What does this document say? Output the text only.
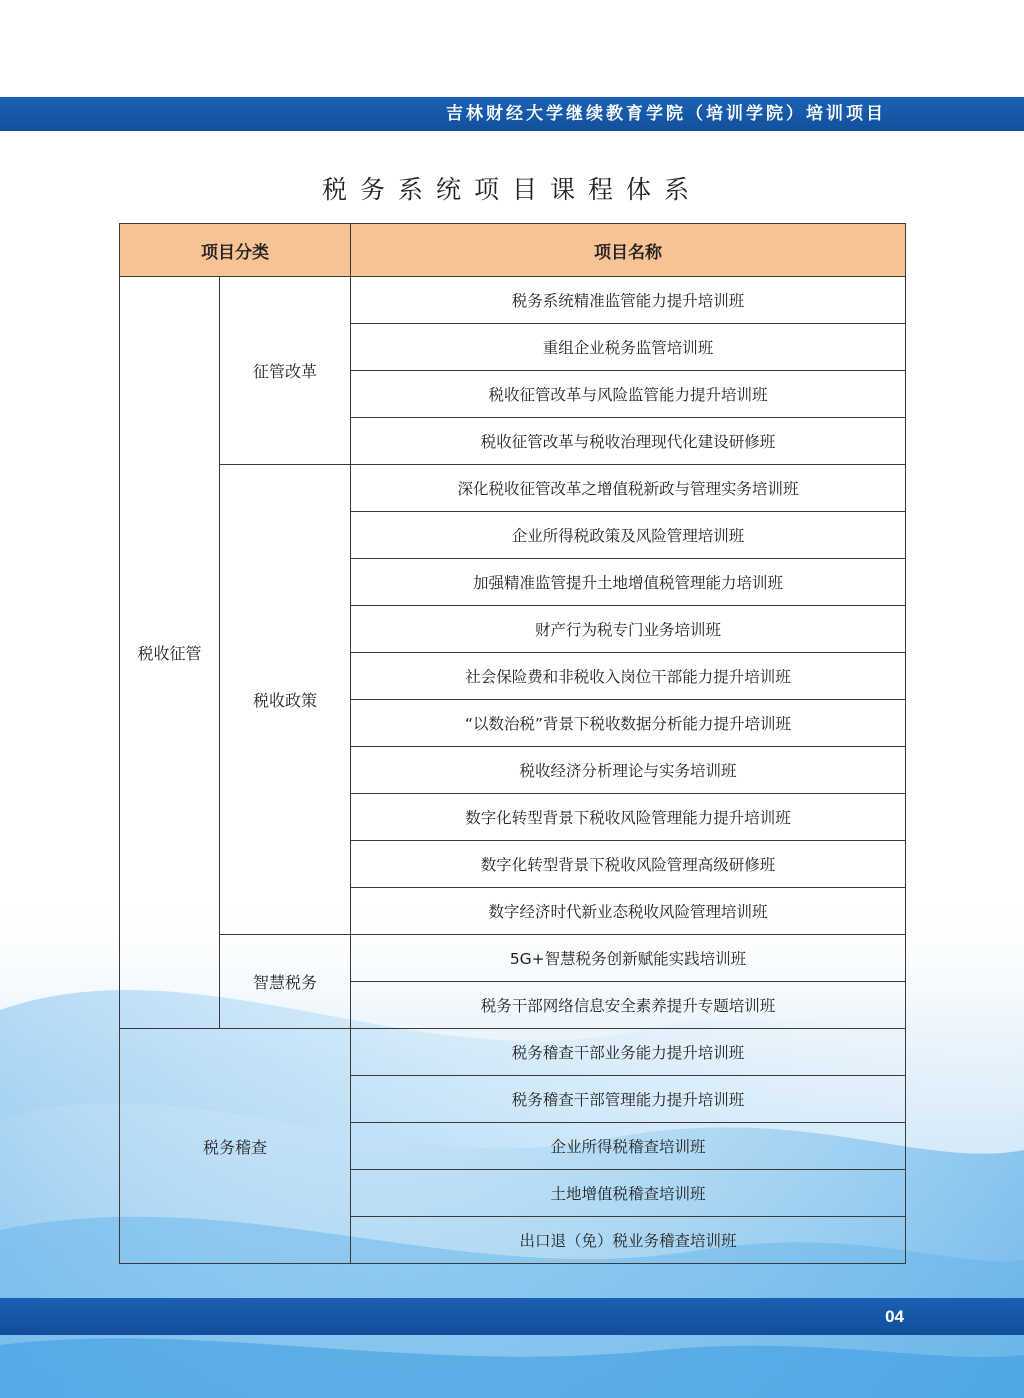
吉林财经大学继续教育学院（培训学院）培训项目
税务系统项目课程体系
项目分类		项目名称
税收征管	征管改革	税务系统精准监管能力提升培训班
		重组企业税务监管培训班
		税收征管改革与风险监管能力提升培训班
		税收征管改革与税收治理现代化建设研修班
	税收政策	深化税收征管改革之增值税新政与管理实务培训班
		企业所得税政策及风险管理培训班
		加强精准监管提升土地增值税管理能力培训班
		财产行为税专门业务培训班
		社会保险费和非税收入岗位干部能力提升培训班
		“以数治税”背景下税收数据分析能力提升培训班
		税收经济分析理论与实务培训班
		数字化转型背景下税收风险管理能力提升培训班
		数字化转型背景下税收风险管理高级研修班
		数字经济时代新业态税收风险管理培训班
	智慧税务	5G+智慧税务创新赋能实践培训班
		税务干部网络信息安全素养提升专题培训班
税务稽查		税务稽查干部业务能力提升培训班
		税务稽查干部管理能力提升培训班
		企业所得税稽查培训班
		土地增值税稽查培训班
		出口退（免）税业务稽查培训班
04
